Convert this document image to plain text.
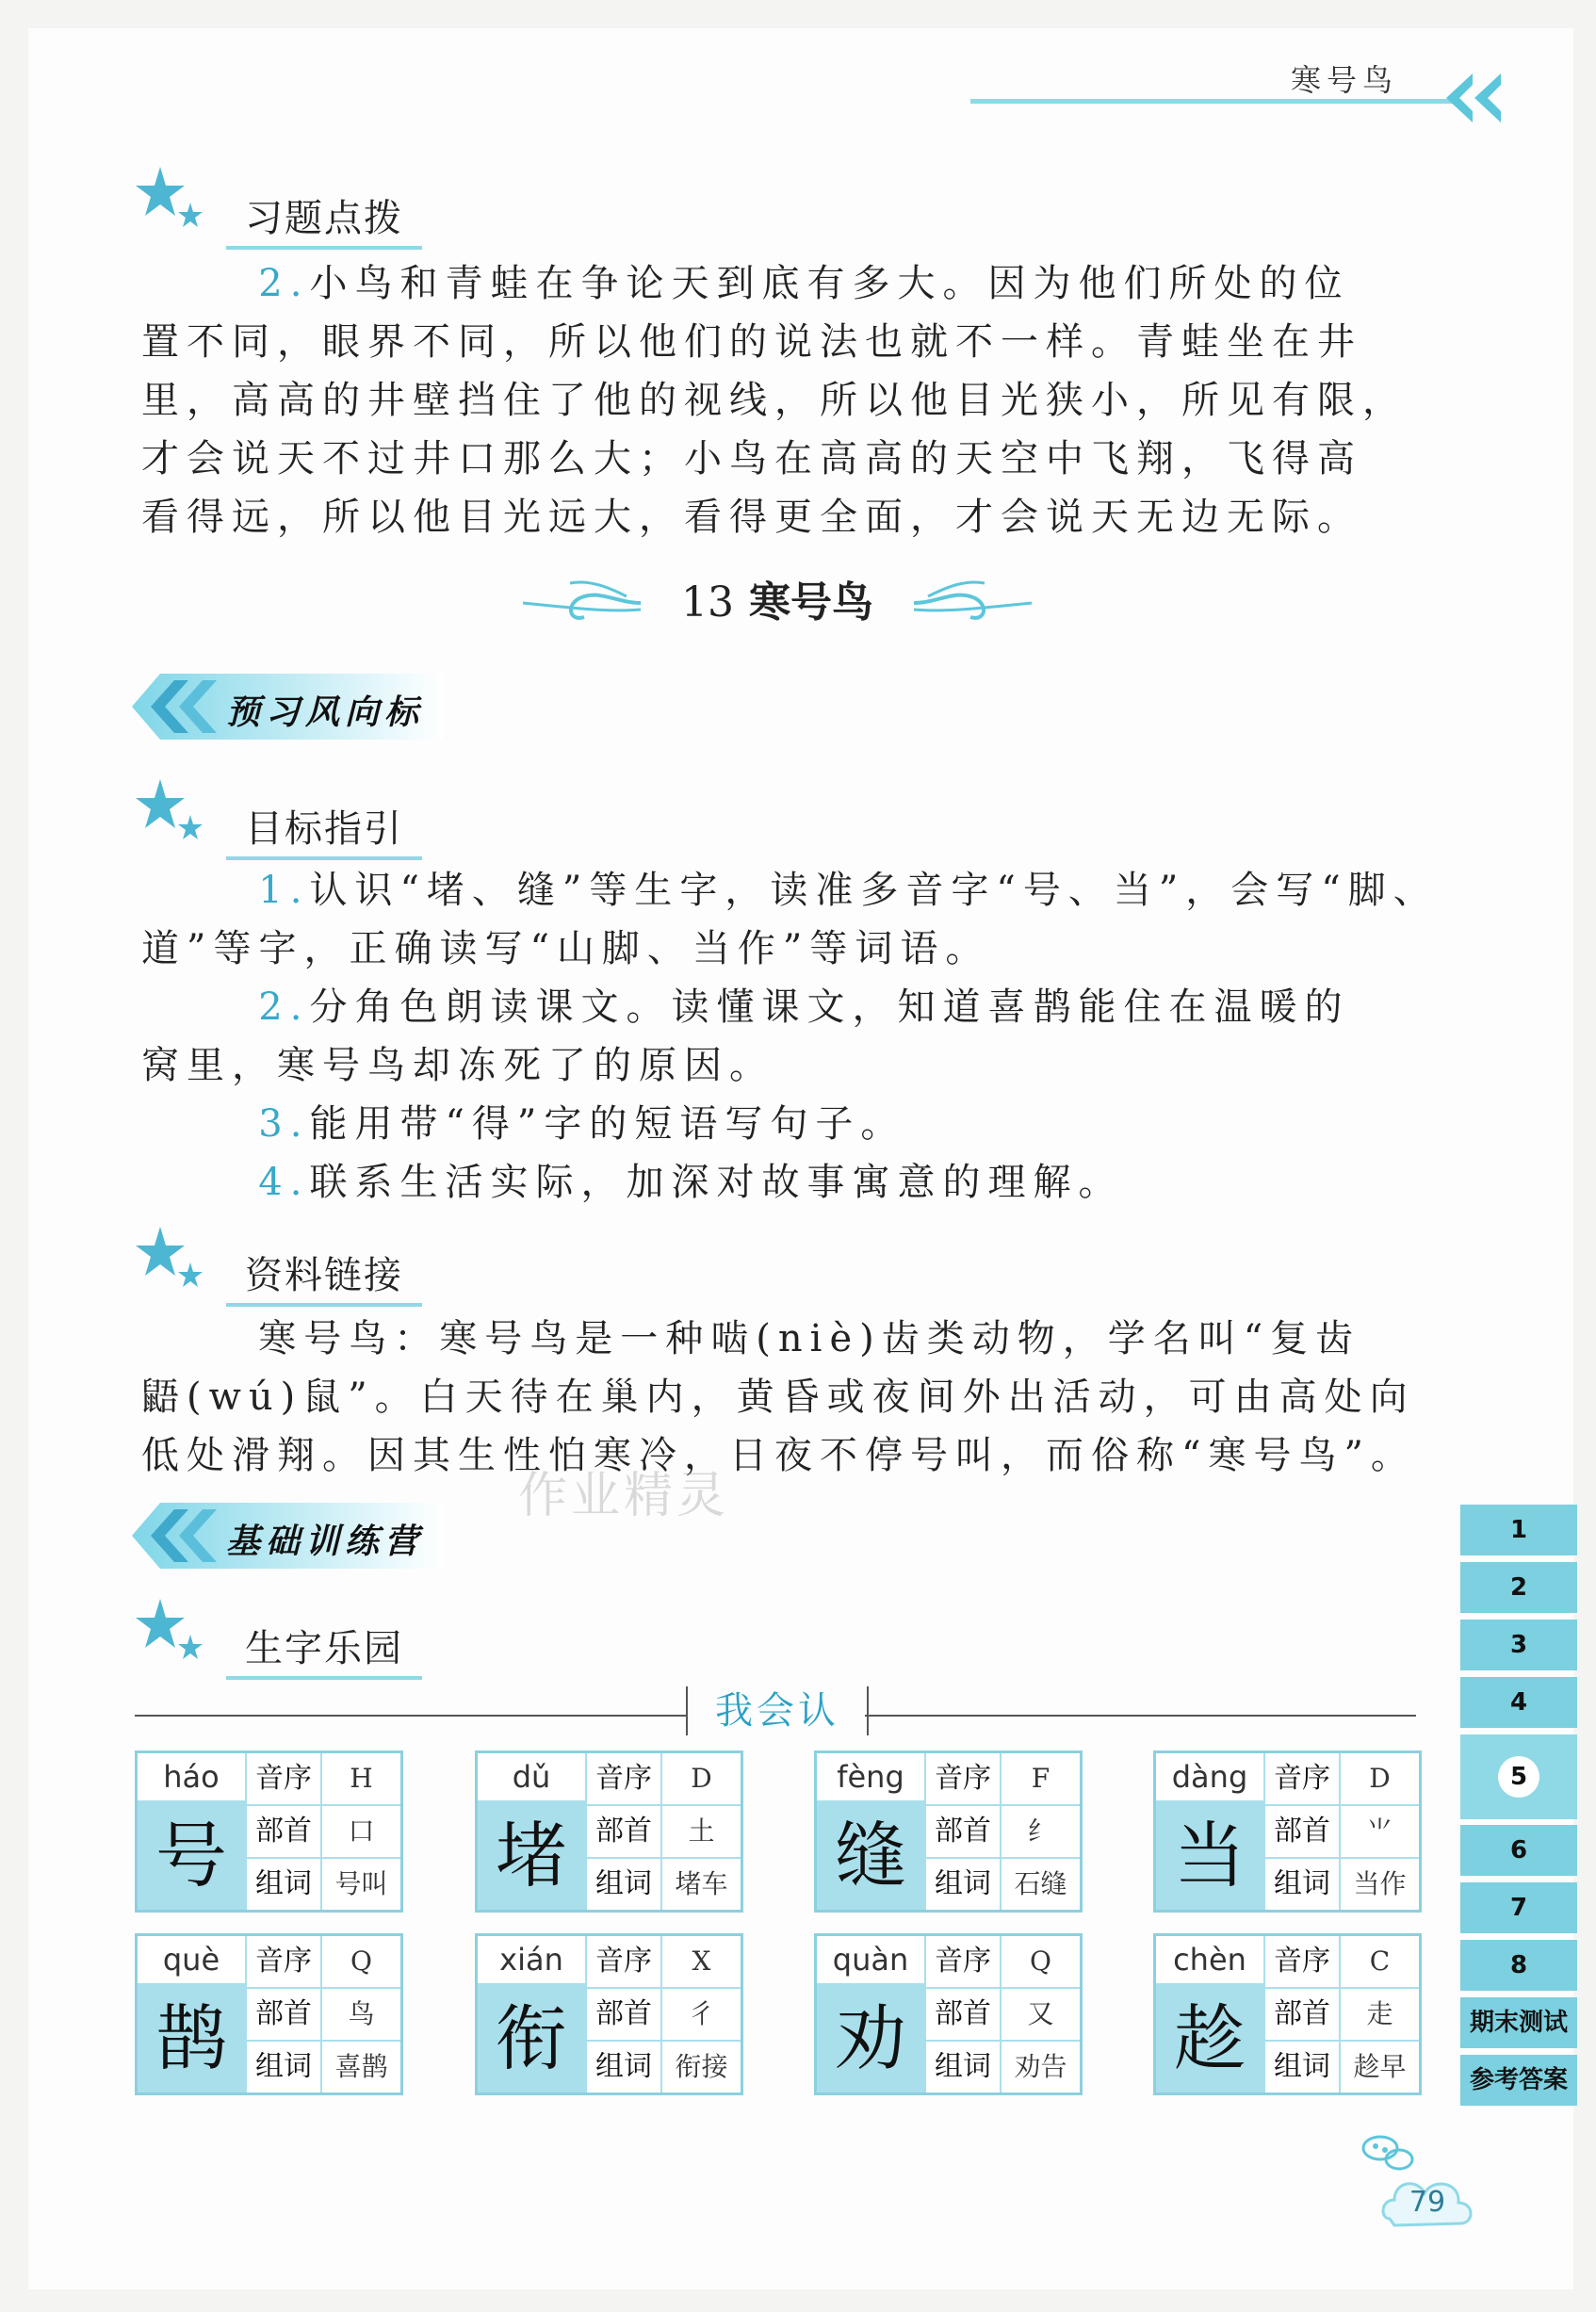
寒号鸟
习题点拨
2.小鸟和青蛙在争论天到底有多大。因为他们所处的位
置不同，眼界不同，所以他们的说法也就不一样。青蛙坐在井
里，高高的井壁挡住了他的视线，所以他目光狭小，所见有限，
才会说天不过井口那么大；小鸟在高高的天空中飞翔，飞得高
看得远，所以他目光远大，看得更全面，才会说天无边无际。
13 寒号鸟
预习风向标
目标指引
1.认识“堵、缝”等生字，读准多音字“号、当”，会写“脚、
道”等字，正确读写“山脚、当作”等词语。
2.分角色朗读课文。读懂课文，知道喜鹊能住在温暖的
窝里，寒号鸟却冻死了的原因。
3.能用带“得”字的短语写句子。
4.联系生活实际，加深对故事寓意的理解。
资料链接
寒号鸟：寒号鸟是一种啮(niè)齿类动物，学名叫“复齿
鼯(wú)鼠”。白天待在巢内，黄昏或夜间外出活动，可由高处向
低处滑翔。因其生性怕寒冷，日夜不停号叫，而俗称“寒号鸟”。
基础训练营
作业精灵
生字乐园
我会认
háo
号
音序	H
部首	口
组词 号叫
dǔ
堵
音序	D
部首	土
组词 堵车
fèng
缝
音序	F
部首	纟
组词 石缝
dàng
当
音序	D
部首	⺌
组词 当作
què
鹊
音序	Q
部首	鸟
组词 喜鹊
xián
衔
音序	X
部首	彳
组词 衔接
quàn
劝
音序	Q
部首	又
组词 劝告
chèn
趁
音序	C
部首	走
组词 趁早
1
2
3
4
5
6
7
8
期末测试
参考答案
79
